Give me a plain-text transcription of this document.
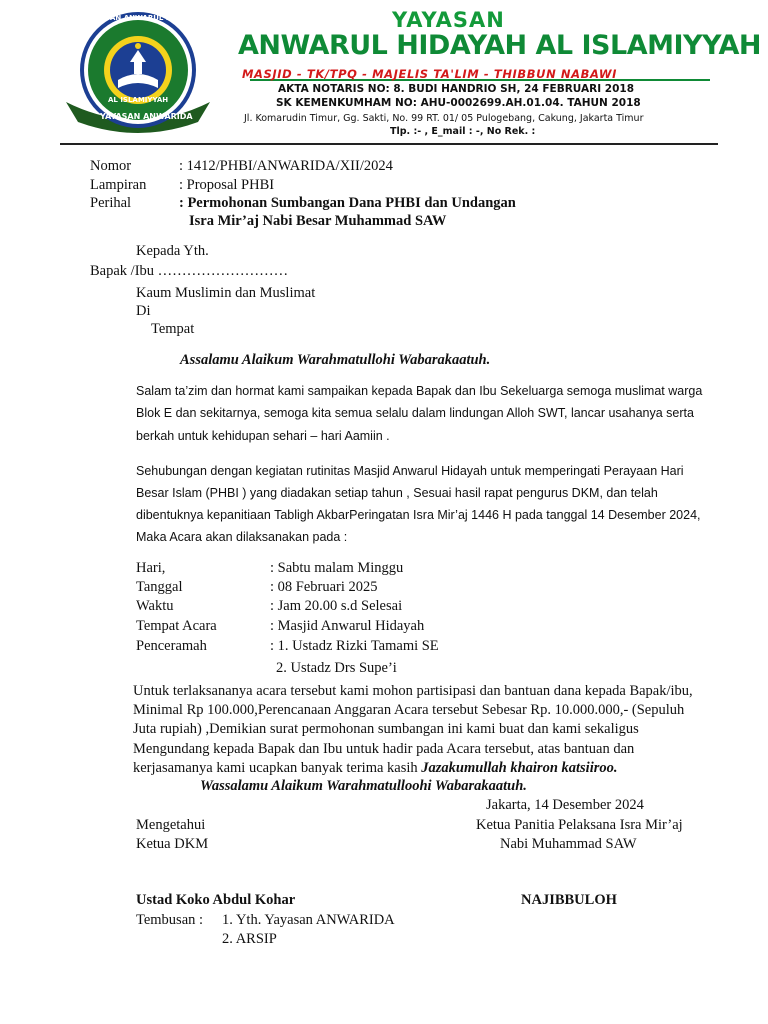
YAYASAN ANWARUL HIDAYAH
AL ISLAMIYYAH
YAYASAN ANWARIDA
YAYASAN
ANWARUL HIDAYAH AL ISLAMIYYAH
MASJID - TK/TPQ - MAJELIS TA'LIM - THIBBUN NABAWI
AKTA NOTARIS NO: 8. BUDI HANDRIO SH, 24 FEBRUARI 2018
SK KEMENKUMHAM NO: AHU-0002699.AH.01.04. TAHUN 2018
Jl. Komarudin Timur, Gg. Sakti, No. 99 RT. 01/ 05 Pulogebang, Cakung, Jakarta Timur
Tlp. :- , E_mail : -, No Rek. :
Nomor	: 1412/PHBI/ANWARIDA/XII/2024
Lampiran : Proposal PHBI
Perihal	: Permohonan Sumbangan Dana PHBI dan Undangan
Isra Mir’aj Nabi Besar Muhammad SAW
Kepada Yth.
Bapak /Ibu ………………………
Kaum Muslimin dan Muslimat
Di
Tempat
Assalamu Alaikum Warahmatullohi Wabarakaatuh.
Salam ta’zim dan hormat kami sampaikan kepada Bapak dan Ibu Sekeluarga semoga muslimat warga
Blok E dan sekitarnya, semoga kita semua selalu dalam lindungan Alloh SWT, lancar usahanya serta
berkah untuk kehidupan sehari – hari Aamiin .
Sehubungan dengan kegiatan rutinitas Masjid Anwarul Hidayah untuk memperingati Perayaan Hari
Besar Islam (PHBI ) yang diadakan setiap tahun , Sesuai hasil rapat pengurus DKM, dan telah
dibentuknya kepanitiaan Tabligh AkbarPeringatan Isra Mir’aj 1446 H pada tanggal 14 Desember 2024,
Maka Acara akan dilaksanakan pada :
Hari,	: Sabtu malam Minggu
Tanggal	: 08 Februari 2025
Waktu	: Jam 20.00 s.d Selesai
Tempat Acara	: Masjid Anwarul Hidayah
Penceramah	: 1. Ustadz Rizki Tamami SE
2. Ustadz Drs Supe’i
Untuk terlaksananya acara tersebut kami mohon partisipasi dan bantuan dana kepada Bapak/ibu,
Minimal Rp 100.000,Perencanaan Anggaran Acara tersebut Sebesar Rp. 10.000.000,- (Sepuluh
Juta rupiah) ,Demikian surat permohonan sumbangan ini kami buat dan kami sekaligus
Mengundang kepada Bapak dan Ibu untuk hadir pada Acara tersebut, atas bantuan dan
kerjasamanya kami ucapkan banyak terima kasih Jazakumullah khairon katsiiroo.
Wassalamu Alaikum Warahmatulloohi Wabarakaatuh.
Jakarta, 14 Desember 2024
Mengetahui	Ketua Panitia Pelaksana Isra Mir’aj
Ketua DKM	Nabi Muhammad SAW
Ustad Koko Abdul Kohar	NAJIBBULOH
Tembusan : 1. Yth. Yayasan ANWARIDA
2. ARSIP
